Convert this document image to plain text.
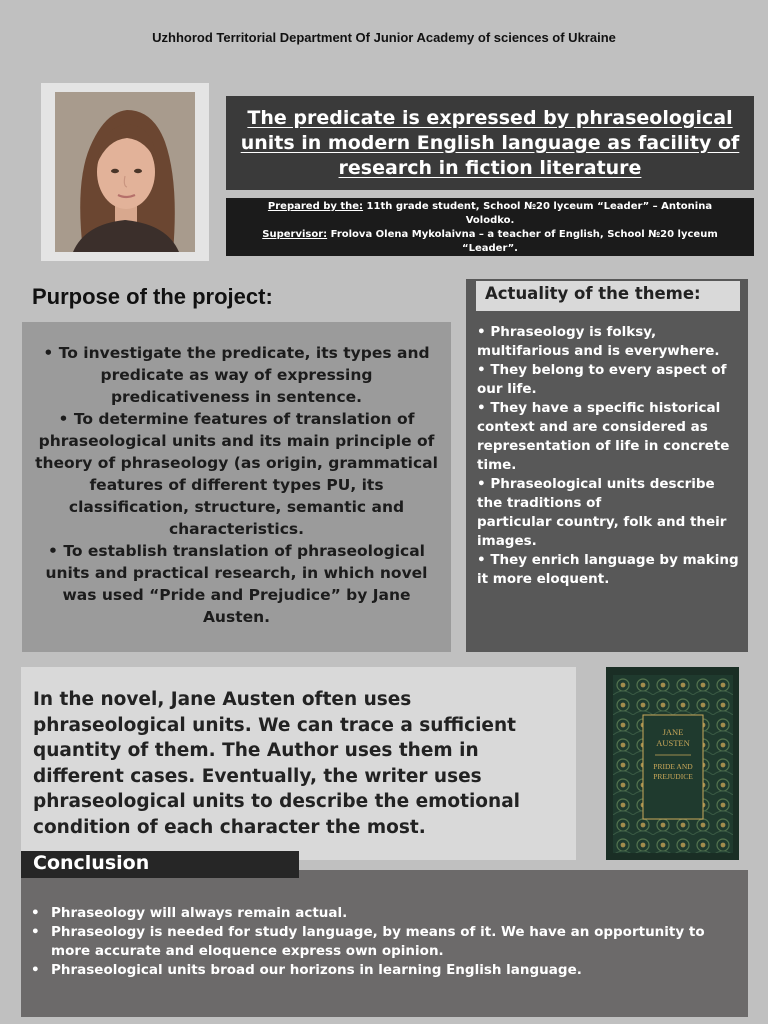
Uzhhorod Territorial Department Of Junior Academy of sciences of Ukraine
The predicate is expressed by phraseological units in modern English language as facility of research in fiction literature
Prepared by the: 11th grade student, School №20 lyceum “Leader” – Antonina Volodko.
Supervisor: Frolova Olena Mykolaivna – a teacher of English, School №20 lyceum “Leader”.
Purpose of the project:
• To investigate the predicate, its types and predicate as way of expressing predicativeness in sentence.
• To determine features of translation of phraseological units and its main principle of theory of phraseology (as origin, grammatical features of different types PU, its classification, structure, semantic and characteristics.
• To establish translation of phraseological units and practical research, in which novel was used “Pride and Prejudice” by Jane Austen.
Actuality of the theme:
• Phraseology is folksy, multifarious and is everywhere.
• They belong to every aspect of our life.
• They have a specific historical context and are considered as representation of life in concrete time.
• Phraseological units describe the traditions of
particular country, folk and their
images.
• They enrich language by making it more eloquent.
In the novel, Jane Austen often uses phraseological units. We can trace a sufficient quantity of them. The Author uses them in different cases. Eventually, the writer uses phraseological units to describe the emotional condition of each character the most.
JANE
AUSTEN
PRIDE AND
PREJUDICE
• Phraseology will always remain actual.
• Phraseology is needed for study language, by means of it. We have an opportunity to more accurate and eloquence express own opinion.
• Phraseological units broad our horizons in learning English language.
Conclusion
